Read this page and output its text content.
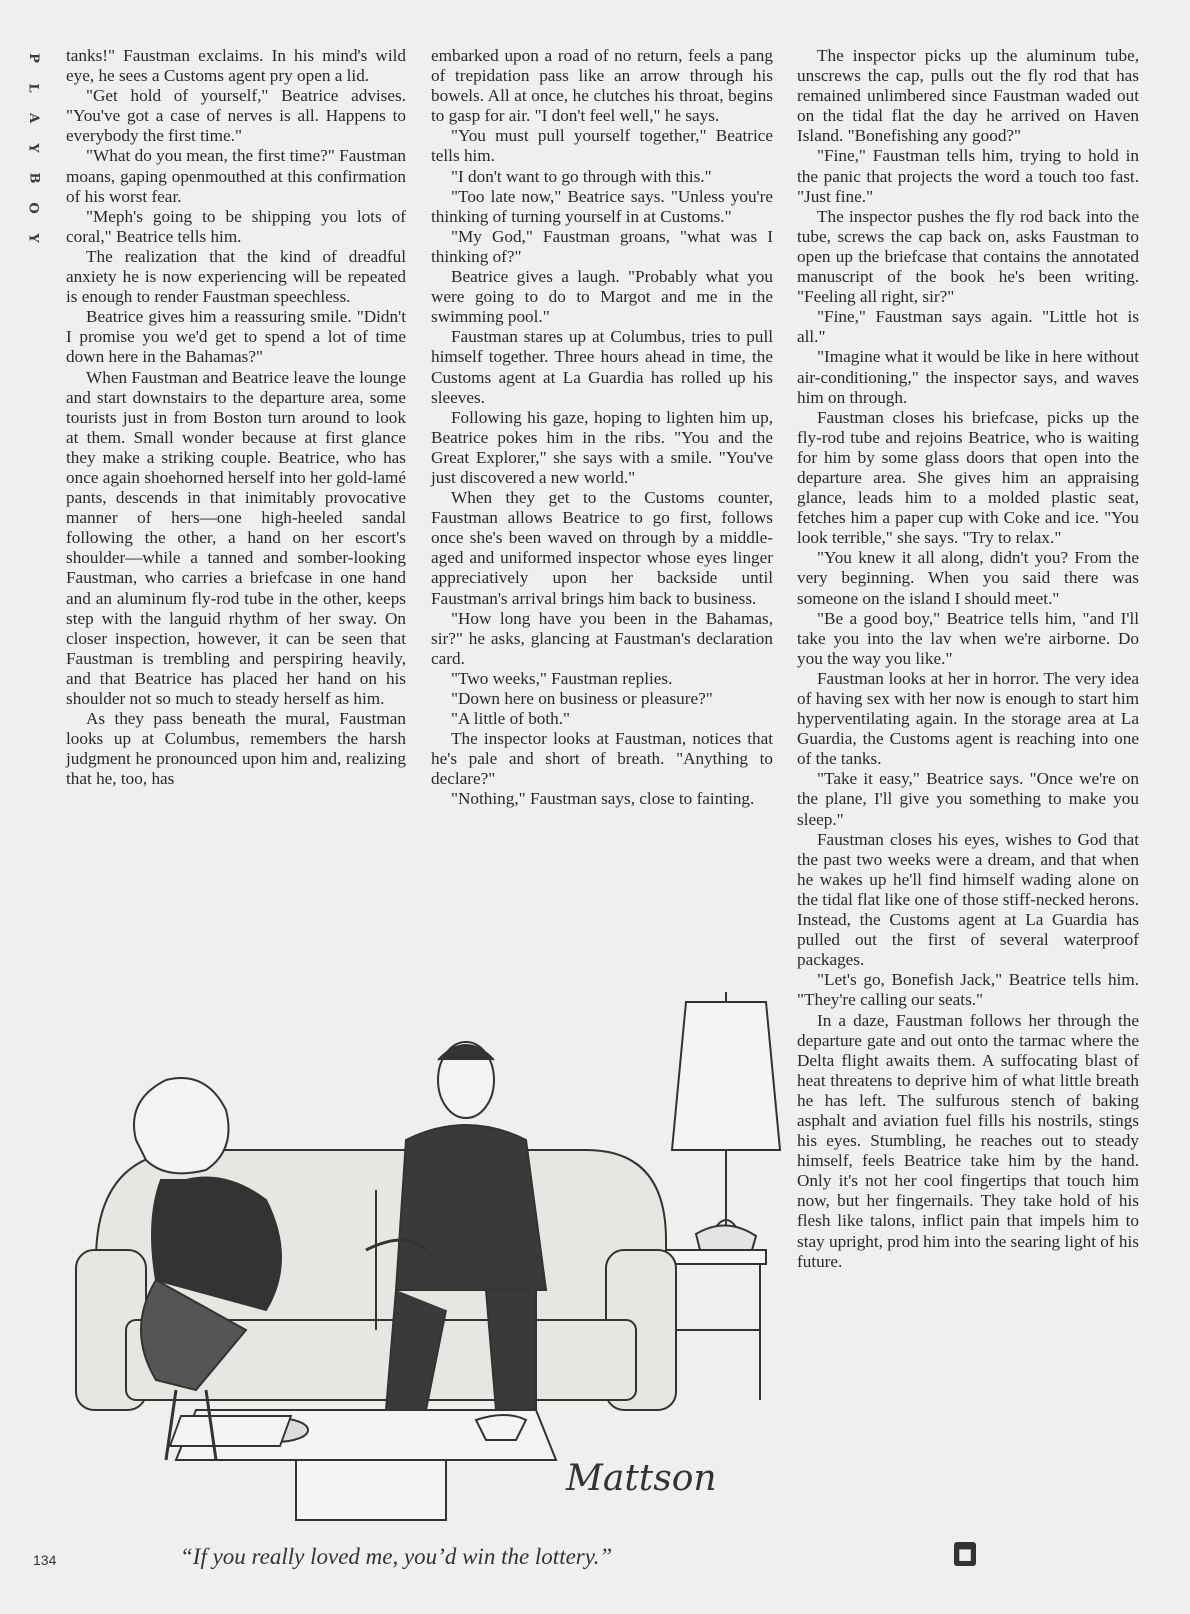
P
L
A
Y
B
O
Y

tanks!" Faustman exclaims. In his mind's wild eye, he sees a Customs agent pry open a lid.

"Get hold of yourself," Beatrice advises. "You've got a case of nerves is all. Happens to everybody the first time."

"What do you mean, the first time?" Faustman moans, gaping openmouthed at this confirmation of his worst fear.

"Meph's going to be shipping you lots of coral," Beatrice tells him.

The realization that the kind of dreadful anxiety he is now experiencing will be repeated is enough to render Faustman speechless.

Beatrice gives him a reassuring smile. "Didn't I promise you we'd get to spend a lot of time down here in the Bahamas?"

When Faustman and Beatrice leave the lounge and start downstairs to the departure area, some tourists just in from Boston turn around to look at them. Small wonder because at first glance they make a striking couple. Beatrice, who has once again shoehorned herself into her gold-lamé pants, descends in that inimitably provocative manner of hers—one high-heeled sandal following the other, a hand on her escort's shoulder—while a tanned and somber-looking Faustman, who carries a briefcase in one hand and an aluminum fly-rod tube in the other, keeps step with the languid rhythm of her sway. On closer inspection, however, it can be seen that Faustman is trembling and perspiring heavily, and that Beatrice has placed her hand on his shoulder not so much to steady herself as him.

As they pass beneath the mural, Faustman looks up at Columbus, remembers the harsh judgment he pronounced upon him and, realizing that he, too, has

embarked upon a road of no return, feels a pang of trepidation pass like an arrow through his bowels. All at once, he clutches his throat, begins to gasp for air. "I don't feel well," he says.

"You must pull yourself together," Beatrice tells him.

"I don't want to go through with this."

"Too late now," Beatrice says. "Unless you're thinking of turning yourself in at Customs."

"My God," Faustman groans, "what was I thinking of?"

Beatrice gives a laugh. "Probably what you were going to do to Margot and me in the swimming pool."

Faustman stares up at Columbus, tries to pull himself together. Three hours ahead in time, the Customs agent at La Guardia has rolled up his sleeves.

Following his gaze, hoping to lighten him up, Beatrice pokes him in the ribs. "You and the Great Explorer," she says with a smile. "You've just discovered a new world."

When they get to the Customs counter, Faustman allows Beatrice to go first, follows once she's been waved on through by a middle-aged and uniformed inspector whose eyes linger appreciatively upon her backside until Faustman's arrival brings him back to business.

"How long have you been in the Bahamas, sir?" he asks, glancing at Faustman's declaration card.

"Two weeks," Faustman replies.

"Down here on business or pleasure?"

"A little of both."

The inspector looks at Faustman, notices that he's pale and short of breath. "Anything to declare?"

"Nothing," Faustman says, close to fainting.

The inspector picks up the aluminum tube, unscrews the cap, pulls out the fly rod that has remained unlimbered since Faustman waded out on the tidal flat the day he arrived on Haven Island. "Bonefishing any good?"

"Fine," Faustman tells him, trying to hold in the panic that projects the word a touch too fast. "Just fine."

The inspector pushes the fly rod back into the tube, screws the cap back on, asks Faustman to open up the briefcase that contains the annotated manuscript of the book he's been writing. "Feeling all right, sir?"

"Fine," Faustman says again. "Little hot is all."

"Imagine what it would be like in here without air-conditioning," the inspector says, and waves him on through.

Faustman closes his briefcase, picks up the fly-rod tube and rejoins Beatrice, who is waiting for him by some glass doors that open into the departure area. She gives him an appraising glance, leads him to a molded plastic seat, fetches him a paper cup with Coke and ice. "You look terrible," she says. "Try to relax."

"You knew it all along, didn't you? From the very beginning. When you said there was someone on the island I should meet."

"Be a good boy," Beatrice tells him, "and I'll take you into the lav when we're airborne. Do you the way you like."

Faustman looks at her in horror. The very idea of having sex with her now is enough to start him hyperventilating again. In the storage area at La Guardia, the Customs agent is reaching into one of the tanks.

"Take it easy," Beatrice says. "Once we're on the plane, I'll give you something to make you sleep."

Faustman closes his eyes, wishes to God that the past two weeks were a dream, and that when he wakes up he'll find himself wading alone on the tidal flat like one of those stiff-necked herons. Instead, the Customs agent at La Guardia has pulled out the first of several waterproof packages.

"Let's go, Bonefish Jack," Beatrice tells him. "They're calling our seats."

In a daze, Faustman follows her through the departure gate and out onto the tarmac where the Delta flight awaits them. A suffocating blast of heat threatens to deprive him of what little breath he has left. The sulfurous stench of baking asphalt and aviation fuel fills his nostrils, stings his eyes. Stumbling, he reaches out to steady himself, feels Beatrice take him by the hand. Only it's not her cool fingertips that touch him now, but her fingernails. They take hold of his flesh like talons, inflict pain that impels him to stay upright, prod him into the searing light of his future.

Mattson
“If you really loved me, you’d win the lottery.”
134	■
